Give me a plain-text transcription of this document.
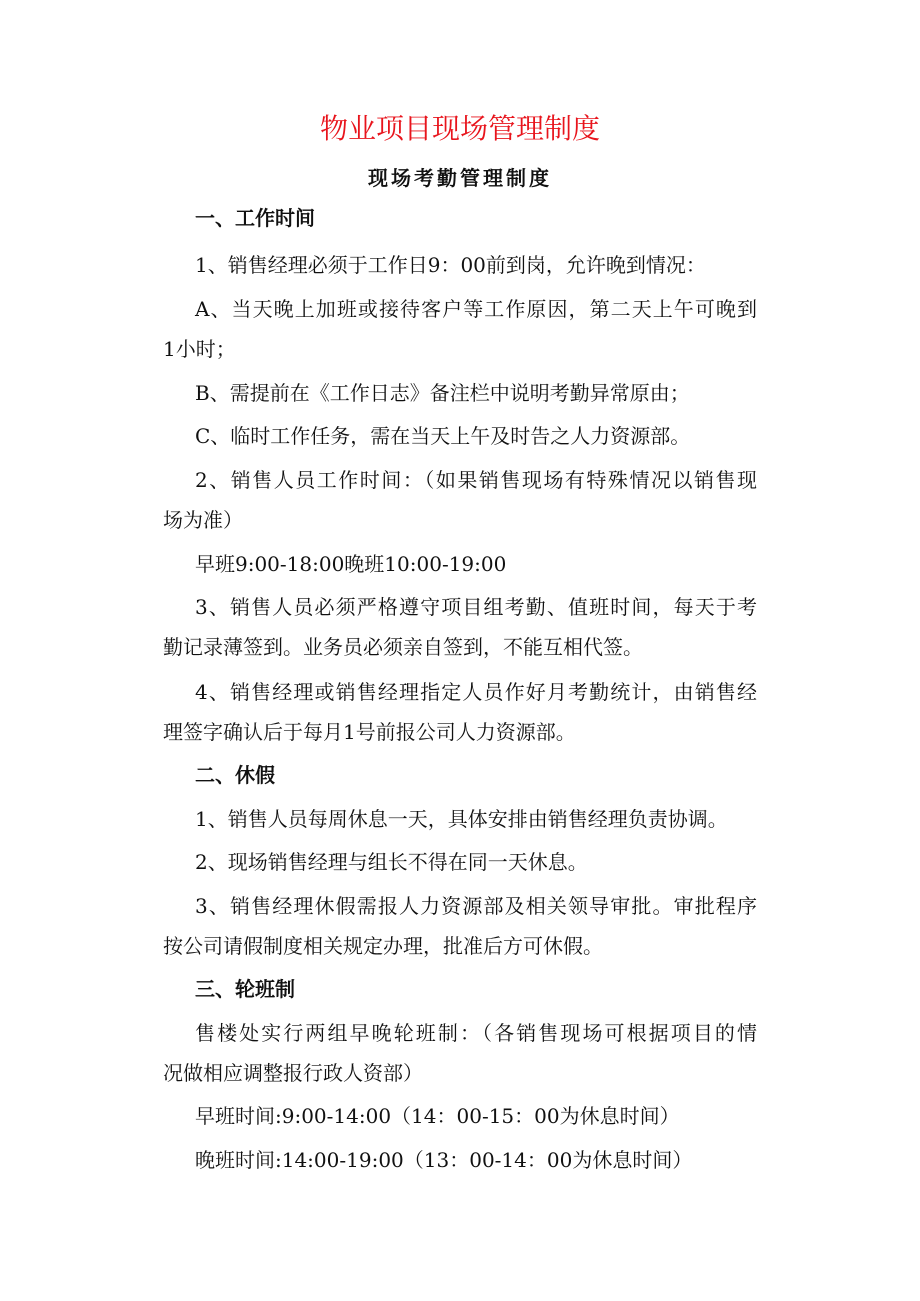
物业项目现场管理制度
现场考勤管理制度
一、工作时间
1、销售经理必须于工作日9：00前到岗，允许晚到情况：
A、当天晚上加班或接待客户等工作原因，第二天上午可晚到
1小时；
B、需提前在《工作日志》备注栏中说明考勤异常原由；
C、临时工作任务，需在当天上午及时告之人力资源部。
2、销售人员工作时间：（如果销售现场有特殊情况以销售现
场为准）
早班9:00-18:00晚班10:00-19:00
3、销售人员必须严格遵守项目组考勤、值班时间，每天于考
勤记录薄签到。业务员必须亲自签到，不能互相代签。
4、销售经理或销售经理指定人员作好月考勤统计，由销售经
理签字确认后于每月1号前报公司人力资源部。
二、休假
1、销售人员每周休息一天，具体安排由销售经理负责协调。
2、现场销售经理与组长不得在同一天休息。
3、销售经理休假需报人力资源部及相关领导审批。审批程序
按公司请假制度相关规定办理，批准后方可休假。
三、轮班制
售楼处实行两组早晚轮班制：（各销售现场可根据项目的情
况做相应调整报行政人资部）
早班时间:9:00-14:00（14：00-15：00为休息时间）
晚班时间:14:00-19:00（13：00-14：00为休息时间）
